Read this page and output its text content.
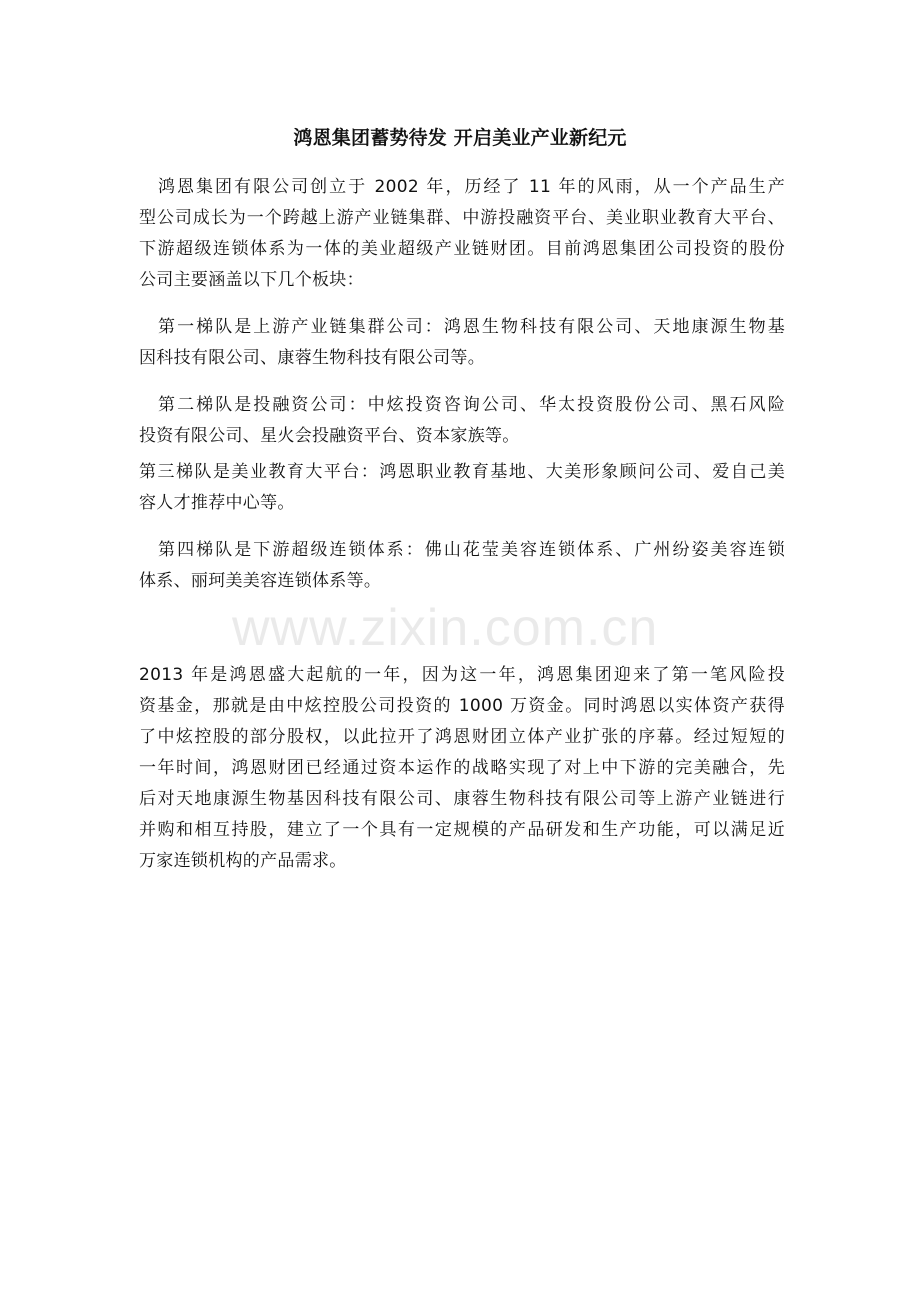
鸿恩集团蓄势待发 开启美业产业新纪元

　鸿恩集团有限公司创立于 2002 年，历经了 11 年的风雨，从一个产品生产
型公司成长为一个跨越上游产业链集群、中游投融资平台、美业职业教育大平台、
下游超级连锁体系为一体的美业超级产业链财团。目前鸿恩集团公司投资的股份
公司主要涵盖以下几个板块：

　第一梯队是上游产业链集群公司：鸿恩生物科技有限公司、天地康源生物基
因科技有限公司、康蓉生物科技有限公司等。

　第二梯队是投融资公司：中炫投资咨询公司、华太投资股份公司、黑石风险
投资有限公司、星火会投融资平台、资本家族等。

第三梯队是美业教育大平台：鸿恩职业教育基地、大美形象顾问公司、爱自己美
容人才推荐中心等。

　第四梯队是下游超级连锁体系：佛山花莹美容连锁体系、广州纷姿美容连锁
体系、丽珂美美容连锁体系等。

2013 年是鸿恩盛大起航的一年，因为这一年，鸿恩集团迎来了第一笔风险投
资基金，那就是由中炫控股公司投资的 1000 万资金。同时鸿恩以实体资产获得
了中炫控股的部分股权，以此拉开了鸿恩财团立体产业扩张的序幕。经过短短的
一年时间，鸿恩财团已经通过资本运作的战略实现了对上中下游的完美融合，先
后对天地康源生物基因科技有限公司、康蓉生物科技有限公司等上游产业链进行
并购和相互持股，建立了一个具有一定规模的产品研发和生产功能，可以满足近
万家连锁机构的产品需求。

www.zixin.com.cn
